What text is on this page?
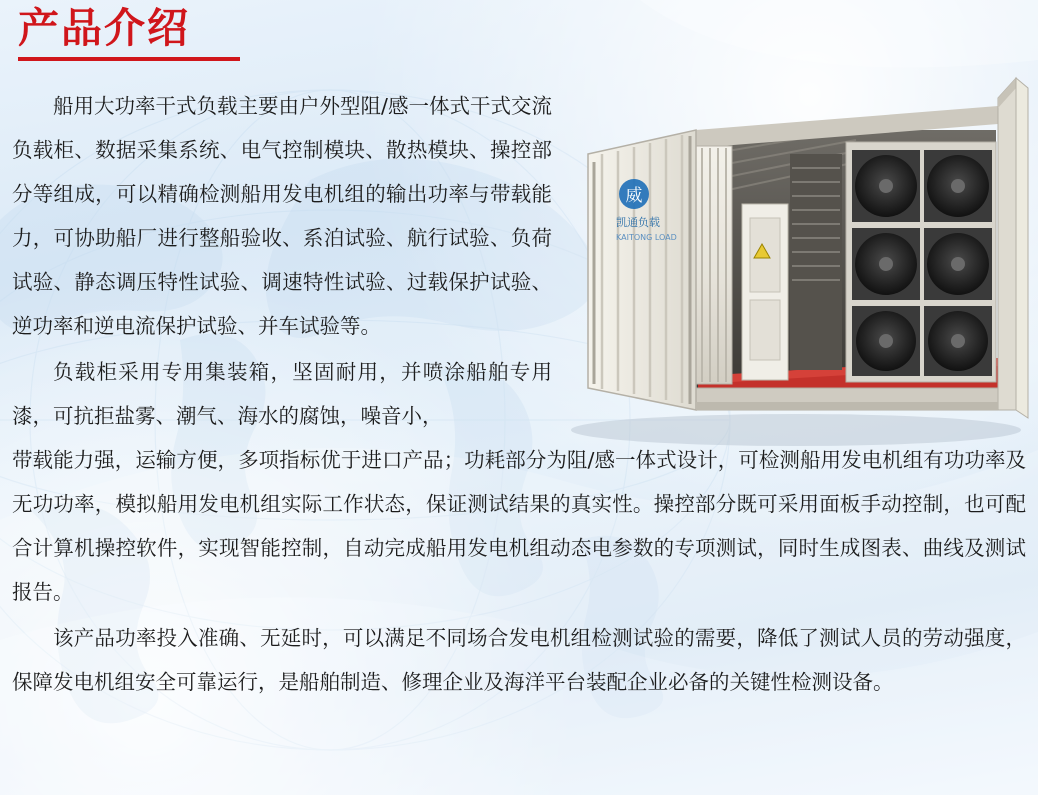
产品介绍
威
凯通负载
KAITONG LOAD

船用大功率干式负载主要由户外型阻/感一体式干式交流负载柜、数据采集系统、电气控制模块、散热模块、操控部分等组成，可以精确检测船用发电机组的输出功率与带载能力，可协助船厂进行整船验收、系泊试验、航行试验、负荷试验、静态调压特性试验、调速特性试验、过载保护试验、逆功率和逆电流保护试验、并车试验等。

负载柜采用专用集装箱，坚固耐用，并喷涂船舶专用漆，可抗拒盐雾、潮气、海水的腐蚀，噪音小，

带载能力强，运输方便，多项指标优于进口产品；功耗部分为阻/感一体式设计，可检测船用发电机组有功功率及无功功率，模拟船用发电机组实际工作状态，保证测试结果的真实性。操控部分既可采用面板手动控制，也可配合计算机操控软件，实现智能控制，自动完成船用发电机组动态电参数的专项测试，同时生成图表、曲线及测试报告。

该产品功率投入准确、无延时，可以满足不同场合发电机组检测试验的需要，降低了测试人员的劳动强度，保障发电机组安全可靠运行，是船舶制造、修理企业及海洋平台装配企业必备的关键性检测设备。
